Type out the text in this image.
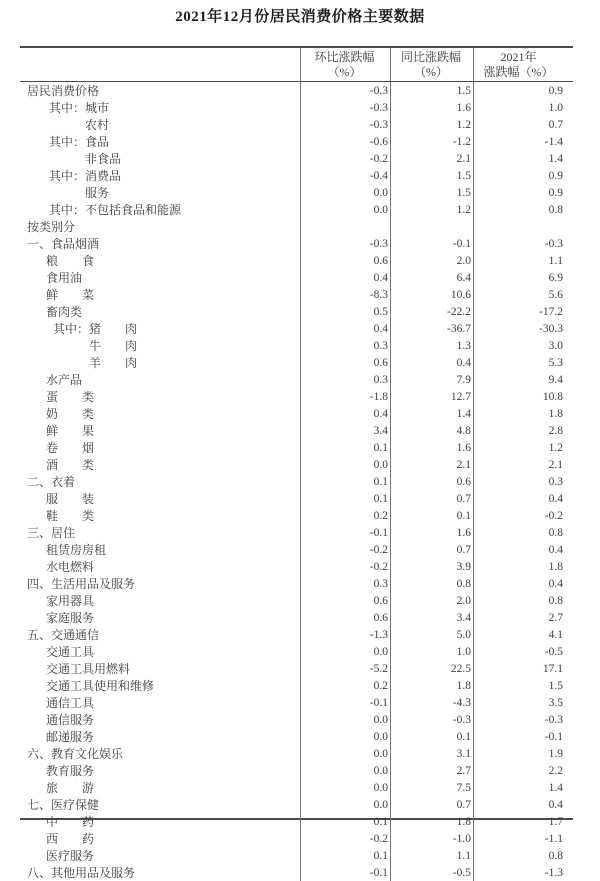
2021年12月份居民消费价格主要数据
环比涨跌幅
（%）
同比涨跌幅
（%）
2021年
涨跌幅（%）
居民消费价格	-0.3	1.5	0.9
其中：城市	-0.3	1.6	1.0
农村	-0.3	1.2	0.7
其中：食品	-0.6	-1.2	-1.4
非食品	-0.2	2.1	1.4
其中：消费品	-0.4	1.5	0.9
服务	0.0	1.5	0.9
其中：不包括食品和能源	0.0	1.2	0.8
按类别分
一、食品烟酒	-0.3	-0.1	-0.3
粮　　食	0.6	2.0	1.1
食用油	0.4	6.4	6.9
鲜　　菜	-8.3	10.6	5.6
畜肉类	0.5	-22.2	-17.2
其中：猪　　肉	0.4	-36.7	-30.3
牛　　肉	0.3	1.3	3.0
羊　　肉	0.6	0.4	5.3
水产品	0.3	7.9	9.4
蛋　　类	-1.8	12.7	10.8
奶　　类	0.4	1.4	1.8
鲜　　果	3.4	4.8	2.8
卷　　烟	0.1	1.6	1.2
酒　　类	0.0	2.1	2.1
二、衣着	0.1	0.6	0.3
服　　装	0.1	0.7	0.4
鞋　　类	0.2	0.1	-0.2
三、居住	-0.1	1.6	0.8
租赁房房租	-0.2	0.7	0.4
水电燃料	-0.2	3.9	1.8
四、生活用品及服务	0.3	0.8	0.4
家用器具	0.6	2.0	0.8
家庭服务	0.6	3.4	2.7
五、交通通信	-1.3	5.0	4.1
交通工具	0.0	1.0	-0.5
交通工具用燃料	-5.2	22.5	17.1
交通工具使用和维修	0.2	1.8	1.5
通信工具	-0.1	-4.3	3.5
通信服务	0.0	-0.3	-0.3
邮递服务	0.0	0.1	-0.1
六、教育文化娱乐	0.0	3.1	1.9
教育服务	0.0	2.7	2.2
旅　　游	0.0	7.5	1.4
七、医疗保健	0.0	0.7	0.4
中　　药	0.1	1.8	1.7
西　　药	-0.2	-1.0	-1.1
医疗服务	0.1	1.1	0.8
八、其他用品及服务	-0.1	-0.5	-1.3
